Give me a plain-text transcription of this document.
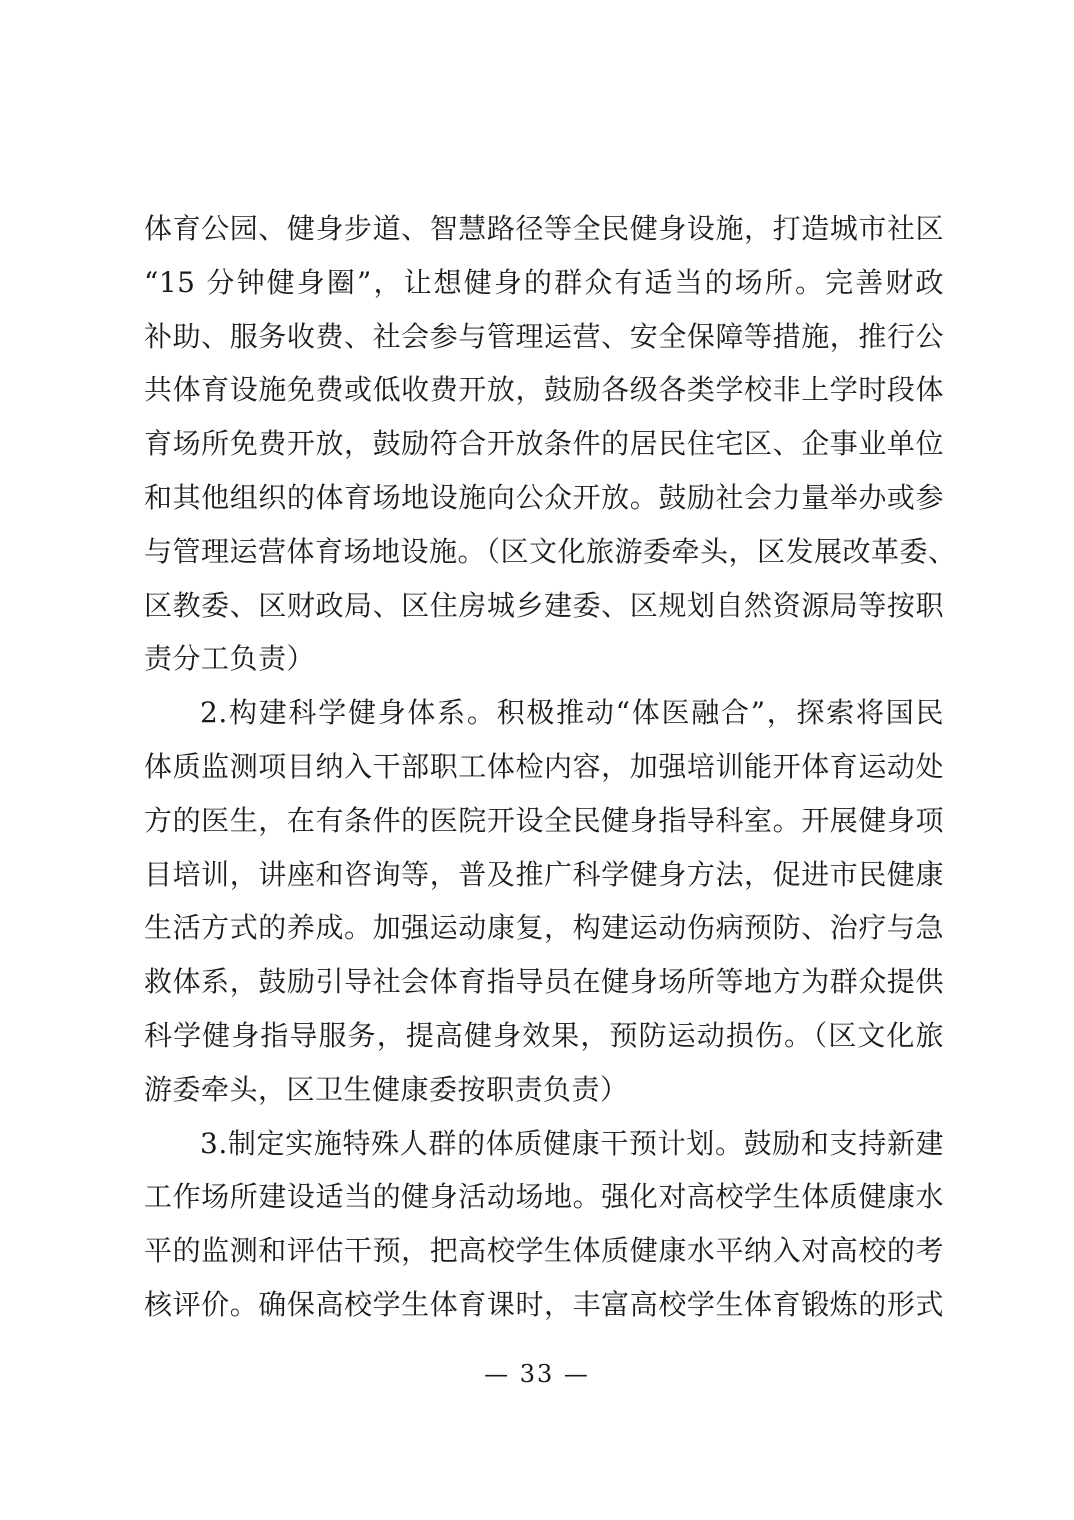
体育公园、健身步道、智慧路径等全民健身设施，打造城市社区
“15 分钟健身圈”，让想健身的群众有适当的场所。完善财政
补助、服务收费、社会参与管理运营、安全保障等措施，推行公
共体育设施免费或低收费开放，鼓励各级各类学校非上学时段体
育场所免费开放，鼓励符合开放条件的居民住宅区、企事业单位
和其他组织的体育场地设施向公众开放。鼓励社会力量举办或参
与管理运营体育场地设施。（区文化旅游委牵头，区发展改革委、
区教委、区财政局、区住房城乡建委、区规划自然资源局等按职
责分工负责）
2.构建科学健身体系。积极推动“体医融合”，探索将国民
体质监测项目纳入干部职工体检内容，加强培训能开体育运动处
方的医生，在有条件的医院开设全民健身指导科室。开展健身项
目培训，讲座和咨询等，普及推广科学健身方法，促进市民健康
生活方式的养成。加强运动康复，构建运动伤病预防、治疗与急
救体系，鼓励引导社会体育指导员在健身场所等地方为群众提供
科学健身指导服务，提高健身效果，预防运动损伤。（区文化旅
游委牵头，区卫生健康委按职责负责）
3.制定实施特殊人群的体质健康干预计划。鼓励和支持新建
工作场所建设适当的健身活动场地。强化对高校学生体质健康水
平的监测和评估干预，把高校学生体质健康水平纳入对高校的考
核评价。确保高校学生体育课时，丰富高校学生体育锻炼的形式
— 33 —
